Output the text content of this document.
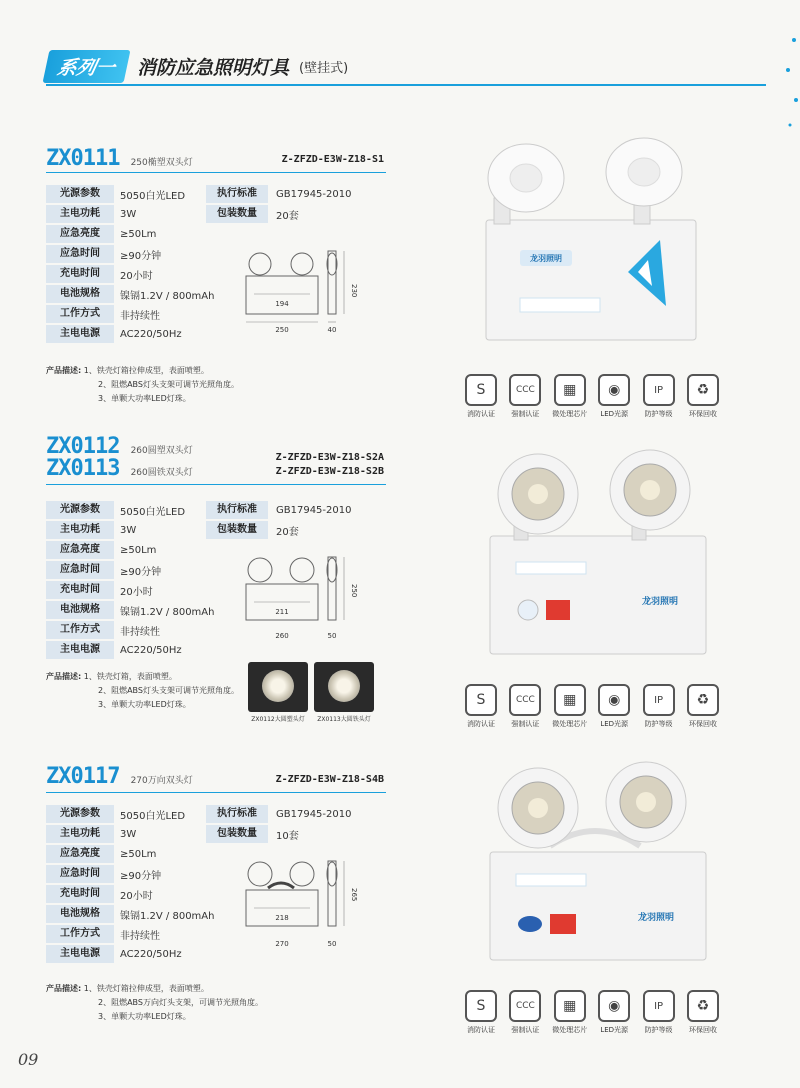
系列一	消防应急照明灯具 (壁挂式)
ZX0111 250椭塑双头灯	Z-ZFZD-E3W-Z18-S1
光源参数	5050白光LED	执行标准	GB17945-2010
主电功耗	3W	包装数量	20套
应急亮度	≥50Lm
应急时间	≥90分钟
充电时间	20小时
电池规格	镍镉1.2V / 800mAh
工作方式	非持续性
主电电源	AC220/50Hz
194
250	40
230
产品描述: 1、铁壳灯箱拉伸成型，表面喷塑。
2、阻燃ABS灯头支架可调节光照角度。
3、单颗大功率LED灯珠。
龙羽照明
S
消防认证
CCC
强制认证
▦
微处理芯片
◉
LED光源
IP
防护等级
♻
环保回收
ZX0112 260圆塑双头灯
Z-ZFZD-E3W-Z18-S2A
ZX0113 260圆铁双头灯	Z-ZFZD-E3W-Z18-S2B
光源参数	5050白光LED	执行标准	GB17945-2010
主电功耗	3W	包装数量	20套
应急亮度	≥50Lm
应急时间	≥90分钟
充电时间	20小时
电池规格	镍镉1.2V / 800mAh
工作方式	非持续性
主电电源	AC220/50Hz
211
260	50
250
产品描述: 1、铁壳灯箱，表面喷塑。
2、阻燃ABS灯头支架可调节光照角度。
3、单颗大功率LED灯珠。
ZX0112大圆塑头灯	ZX0113大圆铁头灯
龙羽照明
S
消防认证
CCC
强制认证
▦
微处理芯片
◉
LED光源
IP
防护等级
♻
环保回收
ZX0117 270万向双头灯	Z-ZFZD-E3W-Z18-S4B
光源参数	5050白光LED	执行标准	GB17945-2010
主电功耗	3W	包装数量	10套
应急亮度	≥50Lm
应急时间	≥90分钟
充电时间	20小时
电池规格	镍镉1.2V / 800mAh
工作方式	非持续性
主电电源	AC220/50Hz
218
270	50
265
产品描述: 1、铁壳灯箱拉伸成型，表面喷塑。
2、阻燃ABS万向灯头支架，可调节光照角度。
3、单颗大功率LED灯珠。
龙羽照明
S
消防认证
CCC
强制认证
▦
微处理芯片
◉
LED光源
IP
防护等级
♻
环保回收
09
